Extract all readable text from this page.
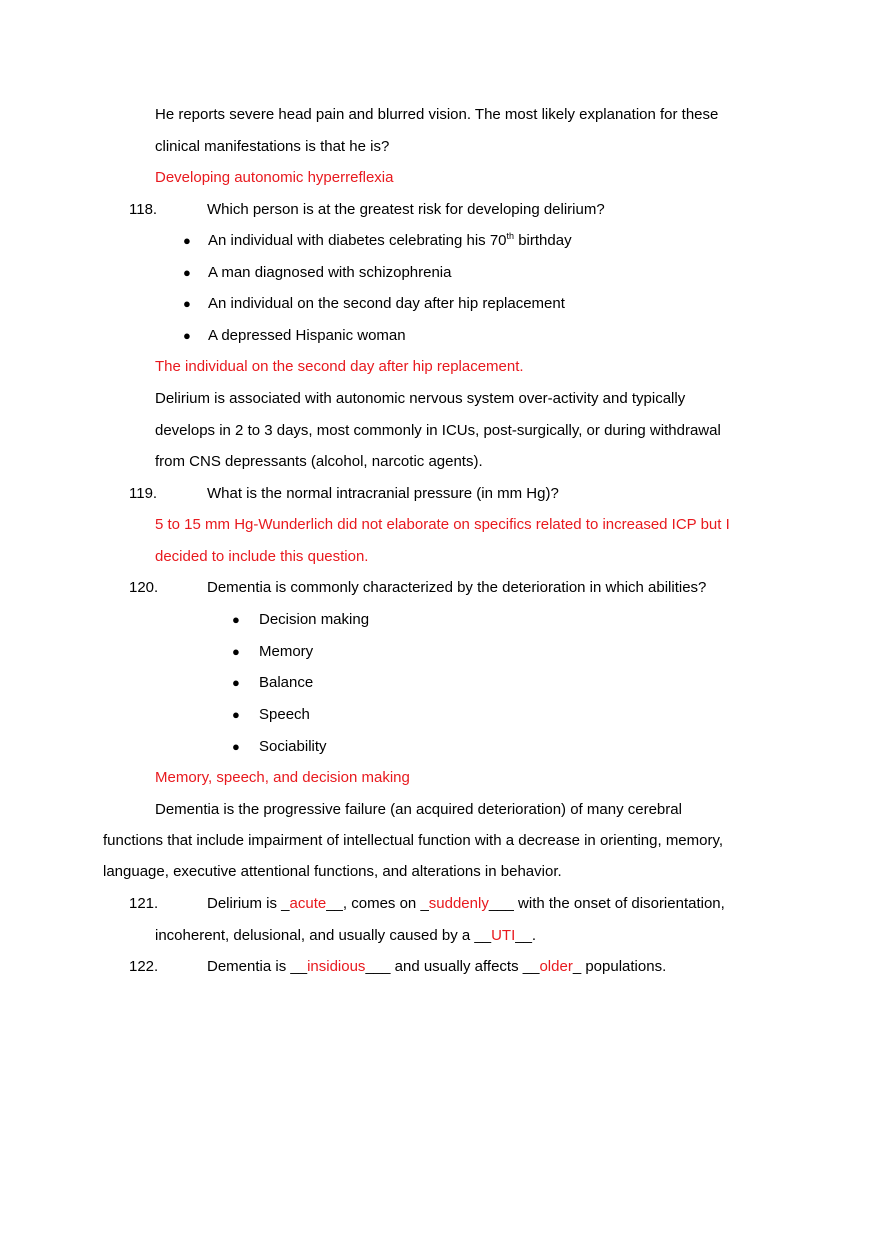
He reports severe head pain and blurred vision. The most likely explanation for these
clinical manifestations is that he is?
Developing autonomic hyperreflexia
118.	Which person is at the greatest risk for developing delirium?
● An individual with diabetes celebrating his 70th birthday
● A man diagnosed with schizophrenia
● An individual on the second day after hip replacement
● A depressed Hispanic woman
The individual on the second day after hip replacement.
Delirium is associated with autonomic nervous system over-activity and typically
develops in 2 to 3 days, most commonly in ICUs, post-surgically, or during withdrawal
from CNS depressants (alcohol, narcotic agents).
119.	What is the normal intracranial pressure (in mm Hg)?
5 to 15 mm Hg-Wunderlich did not elaborate on specifics related to increased ICP but I
decided to include this question.
120.	Dementia is commonly characterized by the deterioration in which abilities?
● Decision making
● Memory
● Balance
● Speech
● Sociability
Memory, speech, and decision making
Dementia is the progressive failure (an acquired deterioration) of many cerebral
functions that include impairment of intellectual function with a decrease in orienting, memory,
language, executive attentional functions, and alterations in behavior.
121.	Delirium is _acute__, comes on _suddenly___ with the onset of disorientation,
incoherent, delusional, and usually caused by a __UTI__.
122.	Dementia is __insidious___ and usually affects __older_ populations.
